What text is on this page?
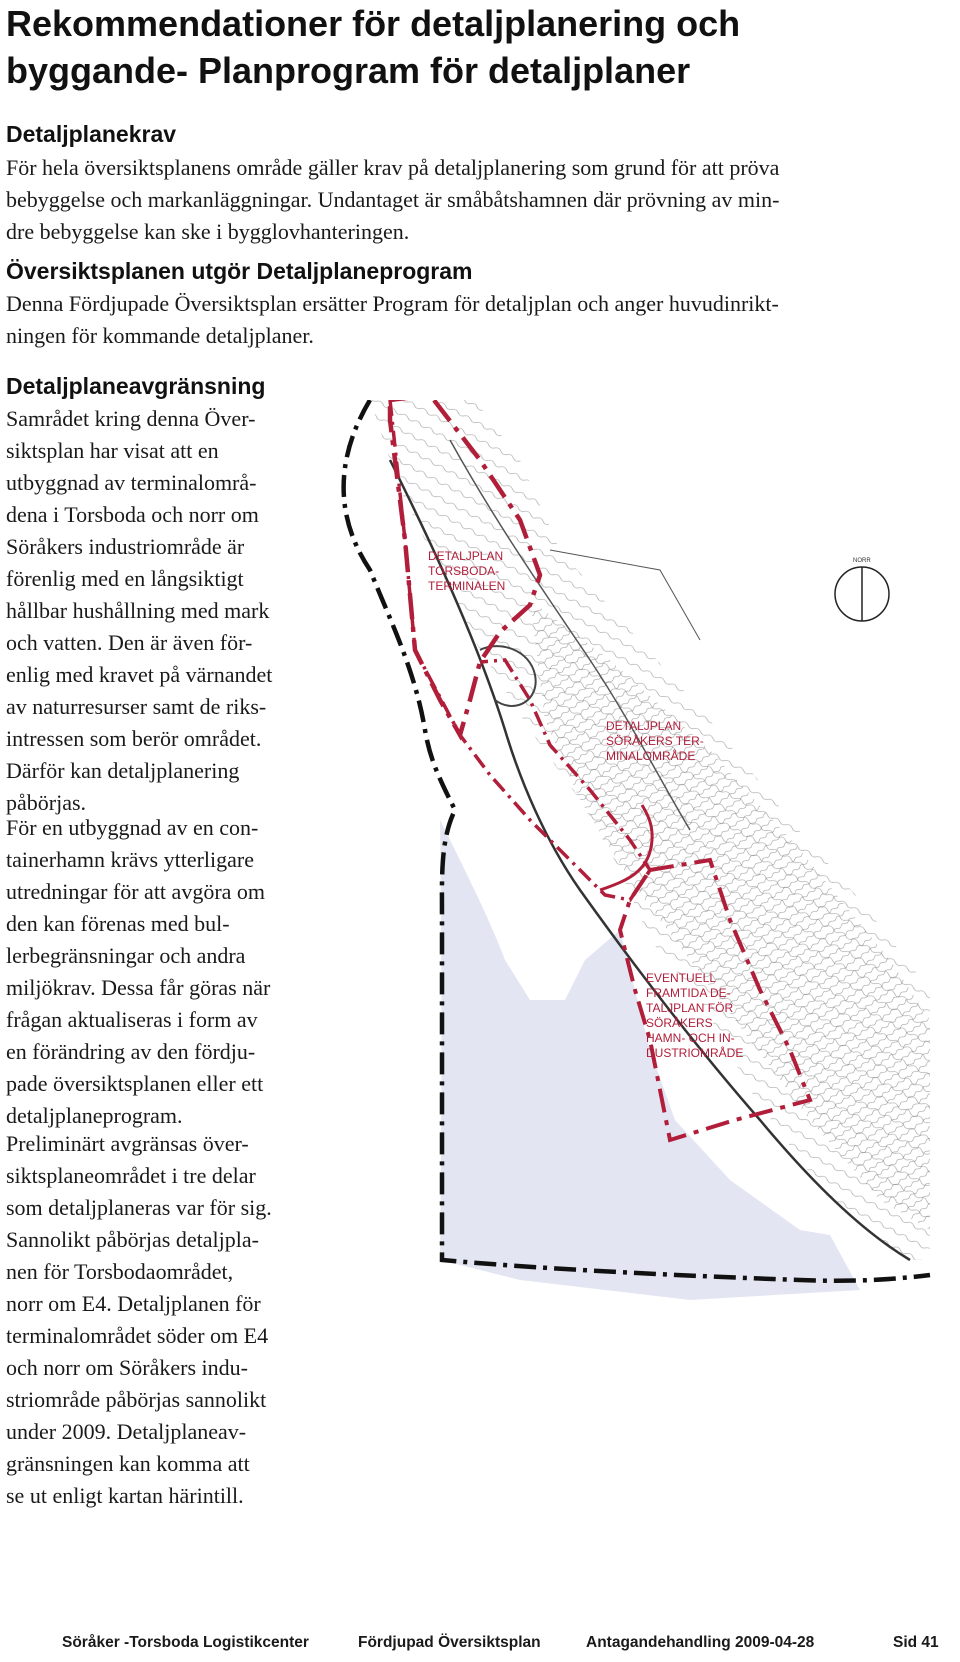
Rekommendationer för detaljplanering och
byggande- Planprogram för detaljplaner
Detaljplanekrav

För hela översiktsplanens område gäller krav på detaljplanering som grund för att pröva
bebyggelse och markanläggningar. Undantaget är småbåtshamnen där prövning av min-
dre bebyggelse kan ske i bygglovhanteringen.

Översiktsplanen utgör Detaljplaneprogram

Denna Fördjupade Översiktsplan ersätter Program för detaljplan och anger huvudinrikt-
ningen för kommande detaljplaner.

Detaljplaneavgränsning

Samrådet kring denna Över-
siktsplan har visat att en
utbyggnad av terminalområ-
dena i Torsboda och norr om
Söråkers industriområde är
förenlig med en långsiktigt
hållbar hushållning med mark
och vatten. Den är även för-
enlig med kravet på värnandet
av naturresurser samt de riks-
intressen som berör området.
Därför kan detaljplanering
påbörjas.

För en utbyggnad av en con-
tainerhamn krävs ytterligare
utredningar för att avgöra om
den kan förenas med bul-
lerbegränsningar och andra
miljökrav. Dessa får göras när
frågan aktualiseras i form av
en förändring av den fördju-
pade översiktsplanen eller ett
detaljplaneprogram.

Preliminärt avgränsas över-
siktsplaneområdet i tre delar
som detaljplaneras var för sig.
Sannolikt påbörjas detaljpla-
nen för Torsbodaområdet,
norr om E4. Detaljplanen för
terminalområdet söder om E4
och norr om Söråkers indu-
striområde påbörjas sannolikt
under 2009. Detaljplaneav-
gränsningen kan komma att
se ut enligt kartan härintill.

DETALJPLAN TORSBODA- TERMINALEN
DETALJPLAN SÖRÅKERS TER- MINALOMRÅDE
EVENTUELL FRAMTIDA DE- TALJPLAN FÖR SÖRÅKERS HAMN- OCH IN- DUSTRIOMRÅDE
NORR
Söråker -Torsboda Logistikcenter	Fördjupad Översiktsplan	Antagandehandling 2009-04-28	Sid 41
